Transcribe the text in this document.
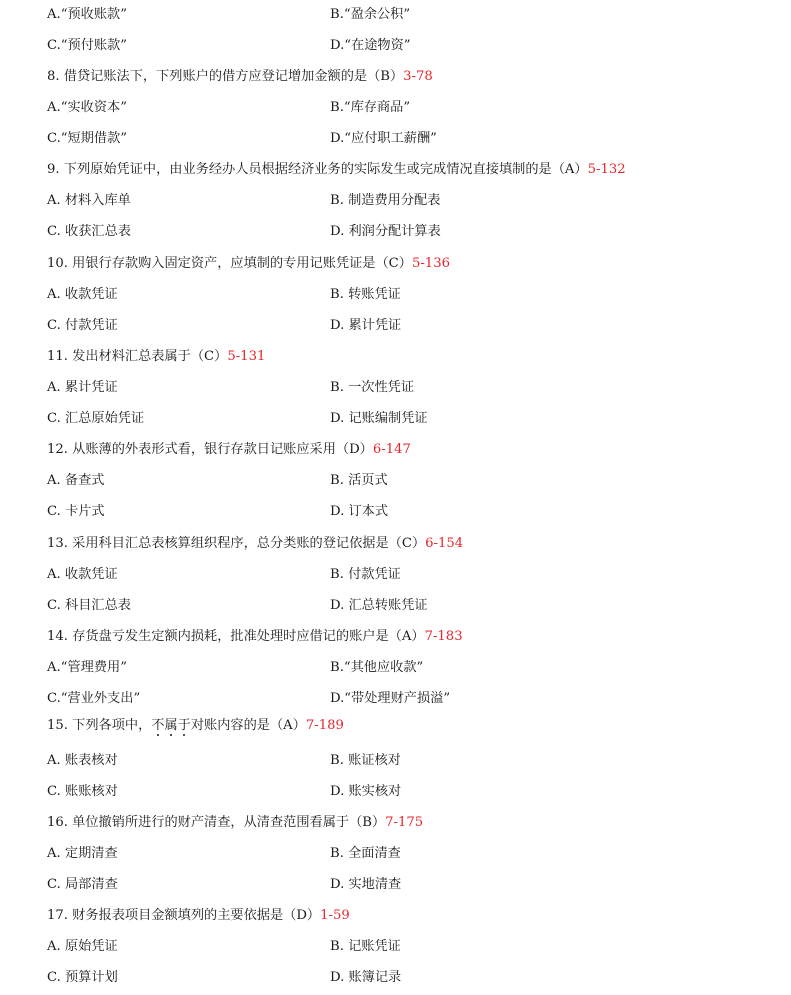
A.“预收账款”	B.“盈余公积”
C.“预付账款”	D.“在途物资”
8. 借贷记账法下，下列账户的借方应登记增加金额的是（B）3-78
A.“实收资本”	B.“库存商品”
C.“短期借款”	D.“应付职工薪酬”
9. 下列原始凭证中，由业务经办人员根据经济业务的实际发生或完成情况直接填制的是（A）5-132
A. 材料入库单	B. 制造费用分配表
C. 收获汇总表	D. 利润分配计算表
10. 用银行存款购入固定资产，应填制的专用记账凭证是（C）5-136
A. 收款凭证	B. 转账凭证
C. 付款凭证	D. 累计凭证
11. 发出材料汇总表属于（C）5-131
A. 累计凭证	B. 一次性凭证
C. 汇总原始凭证	D. 记账编制凭证
12. 从账薄的外表形式看，银行存款日记账应采用（D）6-147
A. 备查式	B. 活页式
C. 卡片式	D. 订本式
13. 采用科目汇总表核算组织程序，总分类账的登记依据是（C）6-154
A. 收款凭证	B. 付款凭证
C. 科目汇总表	D. 汇总转账凭证
14. 存货盘亏发生定额内损耗，批准处理时应借记的账户是（A）7-183
A.“管理费用”	B.“其他应收款”
C.“营业外支出”	D.“带处理财产损溢”
15. 下列各项中，不属于对账内容的是（A）7-189
A. 账表核对	B. 账证核对
C. 账账核对	D. 账实核对
16. 单位撤销所进行的财产清查，从清查范围看属于（B）7-175
A. 定期清查	B. 全面清查
C. 局部清查	D. 实地清查
17. 财务报表项目金额填列的主要依据是（D）1-59
A. 原始凭证	B. 记账凭证
C. 预算计划	D. 账簿记录
